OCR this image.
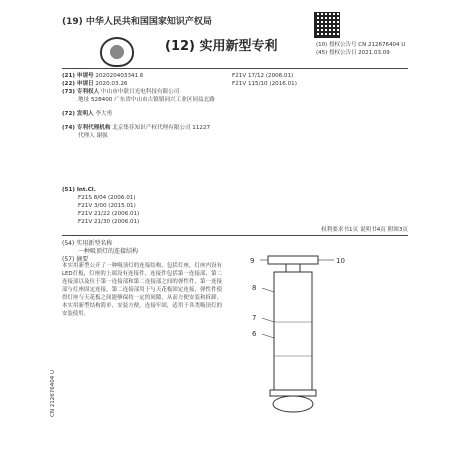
(19) 中华人民共和国国家知识产权局
(12) 实用新型专利	(10) 授权公告号 CN 212676404 U
(45) 授权公告日 2021.03.09
(21) 申请号 202020403341.6
(22) 申请日 2020.03.26
(73) 专利权人 中山市中联日光电科技有限公司
地址 528400 广东省中山市古镇镇同兴工业区同益北路
(72) 发明人 李大勇
(74) 专利代理机构 北京集佳知识产权代理有限公司 11227
代理人 谢强
F21V 17/12 (2006.01)
F21V 115/10 (2016.01)
(51) Int.Cl.
F21S 8/04 (2006.01)
F21V 3/00 (2015.01)
F21V 21/22 (2006.01)
F21V 21/30 (2006.01)
权利要求书1页 说明书4页 附图3页
(54) 实用新型名称
一种吸顶灯的连接结构
(57) 摘要
本实用新型公开了一种吸顶灯的连接结构，包括灯座，灯座内设有LED灯板，灯座的上端设有连接件，连接件包括第一连接部、第二连接部以及位于第一连接部和第二连接部之间的弹性件，第一连接部与灯座固定连接，第二连接部用于与天花板固定连接，弹性件使得灯座与天花板之间能够保持一定的间隙，从而方便安装和拆卸。本实用新型结构简单，安装方便，连接牢固，适用于各类吸顶灯的安装使用。
CN 212676404 U
9	10
8
7
6
